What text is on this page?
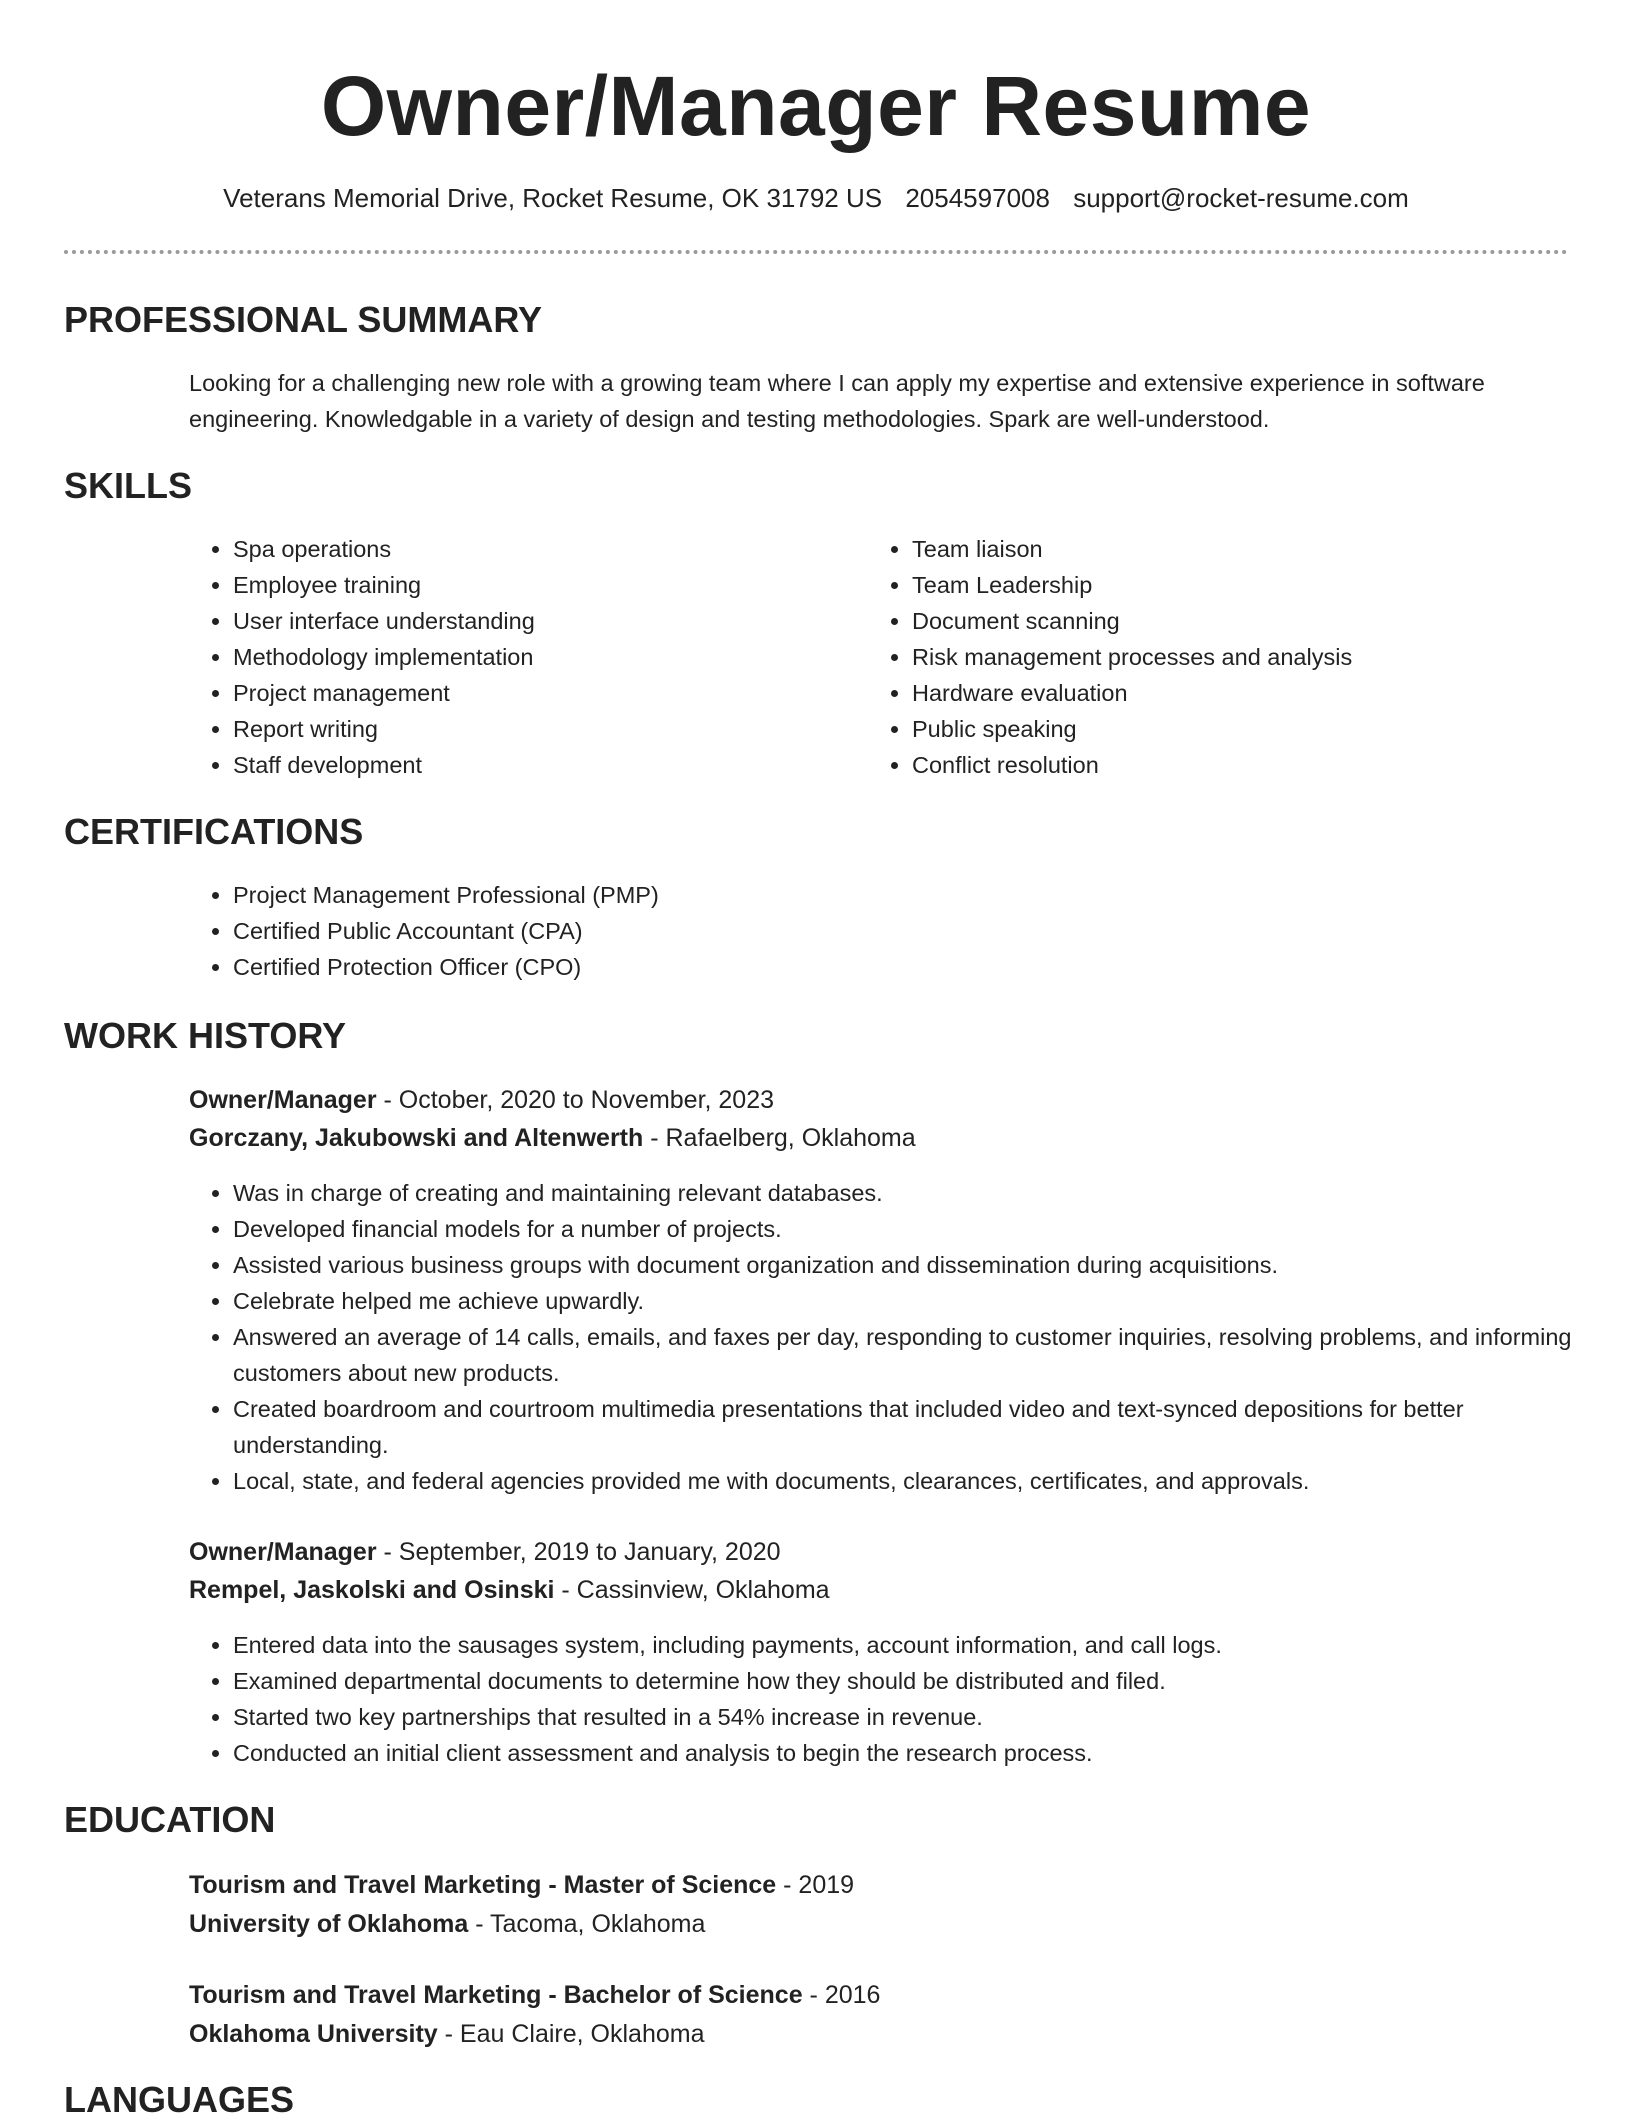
Owner/Manager Resume
Veterans Memorial Drive, Rocket Resume, OK 31792 US 2054597008 support@rocket-resume.com
PROFESSIONAL SUMMARY
Looking for a challenging new role with a growing team where I can apply my expertise and extensive experience in software engineering. Knowledgable in a variety of design and testing methodologies. Spark are well-understood.
SKILLS
• Spa operations
• Employee training
• User interface understanding
• Methodology implementation
• Project management
• Report writing
• Staff development
• Team liaison
• Team Leadership
• Document scanning
• Risk management processes and analysis
• Hardware evaluation
• Public speaking
• Conflict resolution
CERTIFICATIONS
• Project Management Professional (PMP)
• Certified Public Accountant (CPA)
• Certified Protection Officer (CPO)
WORK HISTORY
Owner/Manager - October, 2020 to November, 2023
Gorczany, Jakubowski and Altenwerth - Rafaelberg, Oklahoma
• Was in charge of creating and maintaining relevant databases.
• Developed financial models for a number of projects.
• Assisted various business groups with document organization and dissemination during acquisitions.
• Celebrate helped me achieve upwardly.
• Answered an average of 14 calls, emails, and faxes per day, responding to customer inquiries, resolving problems, and informing customers about new products.
• Created boardroom and courtroom multimedia presentations that included video and text-synced depositions for better understanding.
• Local, state, and federal agencies provided me with documents, clearances, certificates, and approvals.
Owner/Manager - September, 2019 to January, 2020
Rempel, Jaskolski and Osinski - Cassinview, Oklahoma
• Entered data into the sausages system, including payments, account information, and call logs.
• Examined departmental documents to determine how they should be distributed and filed.
• Started two key partnerships that resulted in a 54% increase in revenue.
• Conducted an initial client assessment and analysis to begin the research process.
EDUCATION
Tourism and Travel Marketing - Master of Science - 2019
University of Oklahoma - Tacoma, Oklahoma
Tourism and Travel Marketing - Bachelor of Science - 2016
Oklahoma University - Eau Claire, Oklahoma
LANGUAGES
